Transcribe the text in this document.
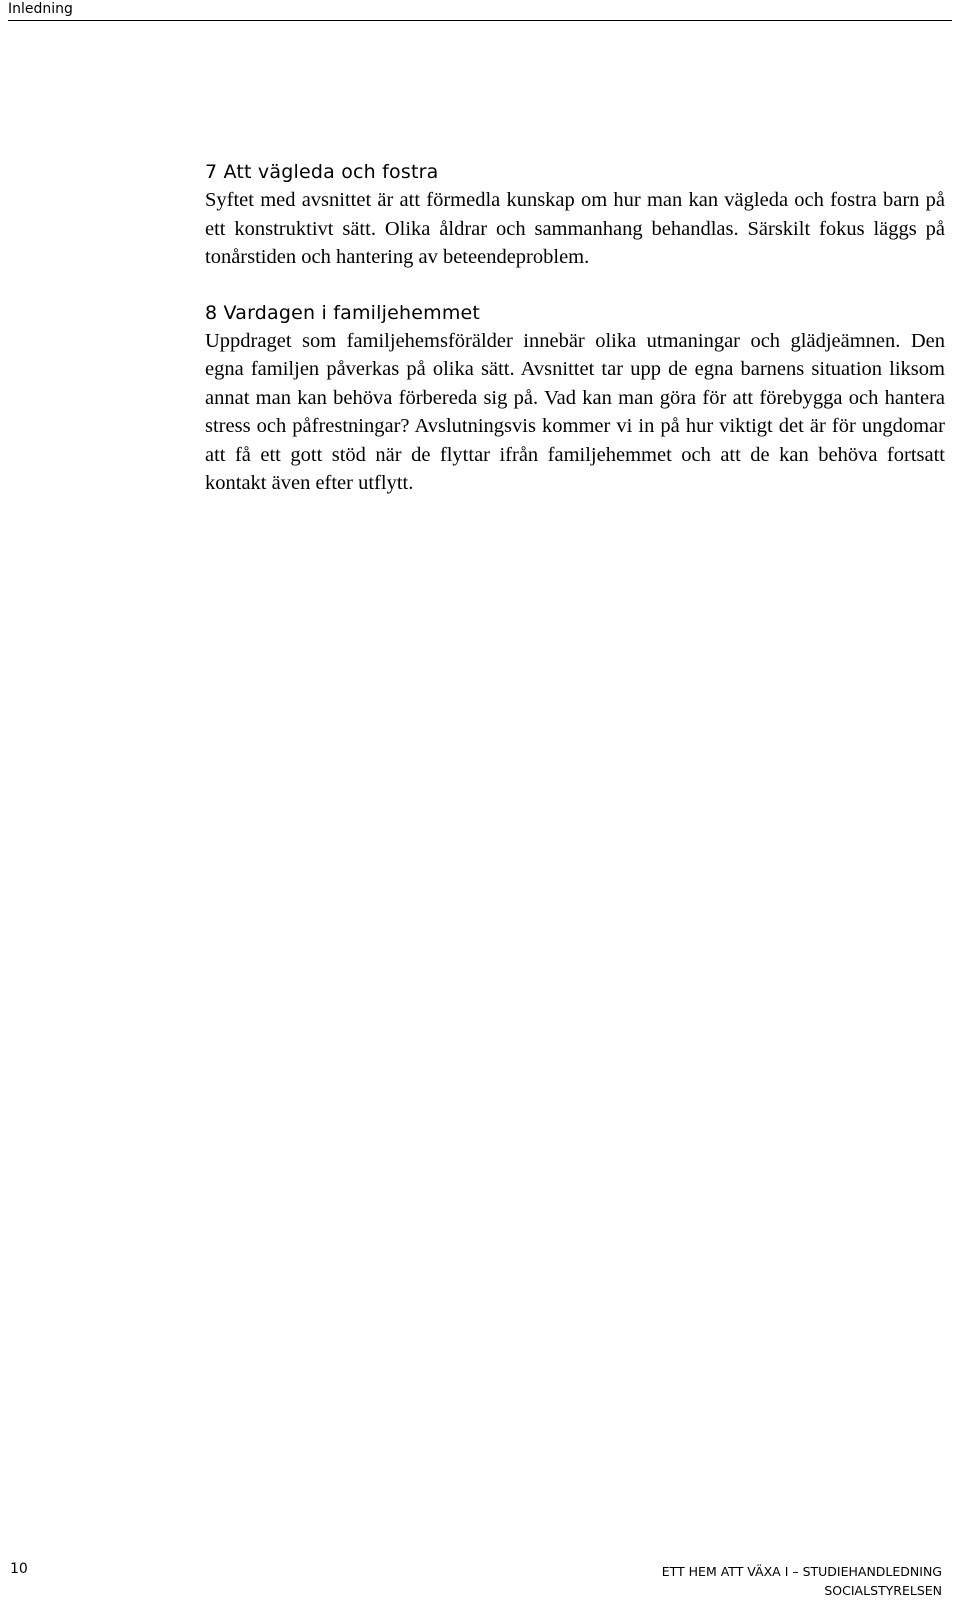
Inledning
7 Att vägleda och fostra

Syftet med avsnittet är att förmedla kunskap om hur man kan vägleda och fostra barn på ett konstruktivt sätt. Olika åldrar och sammanhang behandlas. Särskilt fokus läggs på tonårstiden och hantering av beteendeproblem.

8 Vardagen i familjehemmet

Uppdraget som familjehemsförälder innebär olika utmaningar och glädjeämnen. Den egna familjen påverkas på olika sätt. Avsnittet tar upp de egna barnens situation liksom annat man kan behöva förbereda sig på. Vad kan man göra för att förebygga och hantera stress och påfrestningar? Avslutningsvis kommer vi in på hur viktigt det är för ungdomar att få ett gott stöd när de flyttar ifrån familjehemmet och att de kan behöva fortsatt kontakt även efter utflytt.

10	ETT HEM ATT VÄXA I – STUDIEHANDLEDNING
SOCIALSTYRELSEN
